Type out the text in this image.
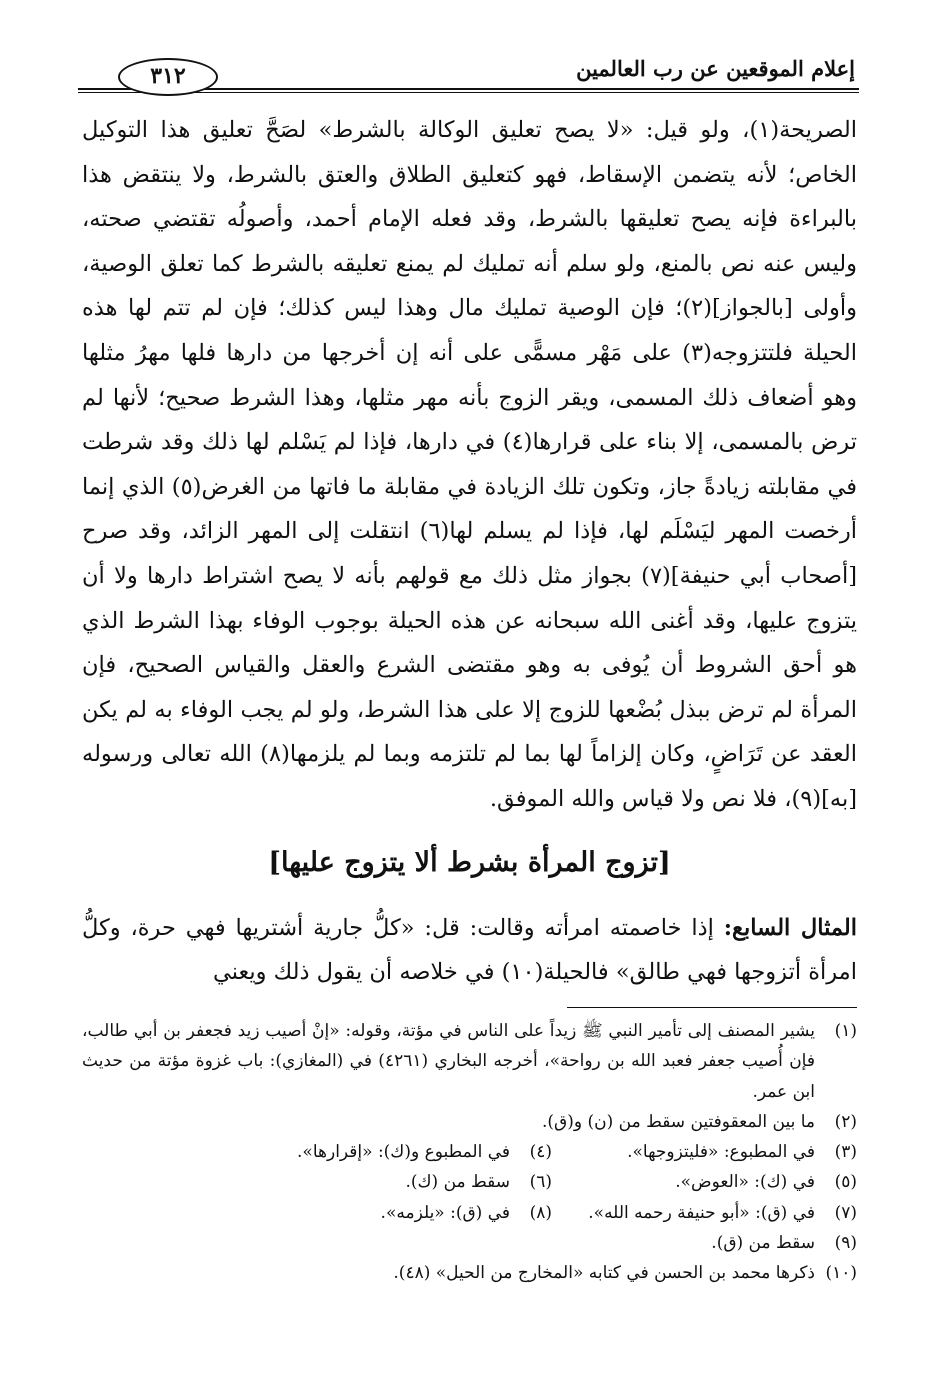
إعلام الموقعين عن رب العالمين
٣١٢

الصريحة(١)، ولو قيل: «لا يصح تعليق الوكالة بالشرط» لصَحَّ تعليق هذا التوكيل الخاص؛ لأنه يتضمن الإسقاط، فهو كتعليق الطلاق والعتق بالشرط، ولا ينتقض هذا بالبراءة فإنه يصح تعليقها بالشرط، وقد فعله الإمام أحمد، وأصولُه تقتضي صحته، وليس عنه نص بالمنع، ولو سلم أنه تمليك لم يمنع تعليقه بالشرط كما تعلق الوصية، وأولى [بالجواز](٢)؛ فإن الوصية تمليك مال وهذا ليس كذلك؛ فإن لم تتم لها هذه الحيلة فلتتزوجه(٣) على مَهْر مسمًّى على أنه إن أخرجها من دارها فلها مهرُ مثلها وهو أضعاف ذلك المسمى، ويقر الزوج بأنه مهر مثلها، وهذا الشرط صحيح؛ لأنها لم ترض بالمسمى، إلا بناء على قرارها(٤) في دارها، فإذا لم يَسْلم لها ذلك وقد شرطت في مقابلته زيادةً جاز، وتكون تلك الزيادة في مقابلة ما فاتها من الغرض(٥) الذي إنما أرخصت المهر ليَسْلَم لها، فإذا لم يسلم لها(٦) انتقلت إلى المهر الزائد، وقد صرح [أصحاب أبي حنيفة](٧) بجواز مثل ذلك مع قولهم بأنه لا يصح اشتراط دارها ولا أن يتزوج عليها، وقد أغنى الله سبحانه عن هذه الحيلة بوجوب الوفاء بهذا الشرط الذي هو أحق الشروط أن يُوفى به وهو مقتضى الشرع والعقل والقياس الصحيح، فإن المرأة لم ترض ببذل بُضْعها للزوج إلا على هذا الشرط، ولو لم يجب الوفاء به لم يكن العقد عن تَرَاضٍ، وكان إلزاماً لها بما لم تلتزمه وبما لم يلزمها(٨) الله تعالى ورسوله [به](٩)، فلا نص ولا قياس والله الموفق.

[تزوج المرأة بشرط ألا يتزوج عليها]

المثال السابع: إذا خاصمته امرأته وقالت: قل: «كلُّ جارية أشتريها فهي حرة، وكلُّ امرأة أتزوجها فهي طالق» فالحيلة(١٠) في خلاصه أن يقول ذلك ويعني

(١)
يشير المصنف إلى تأمير النبي ﷺ زيداً على الناس في مؤتة، وقوله: «إنْ أصيب زيد فجعفر بن أبي طالب، فإن أُصيب جعفر فعبد الله بن رواحة»، أخرجه البخاري (٤٢٦١) في (المغازي): باب غزوة مؤتة من حديث ابن عمر.
(٢)
ما بين المعقوفتين سقط من (ن) و(ق).
(٣)
في المطبوع: «فليتزوجها».
(٤)
في المطبوع و(ك): «إقرارها».
(٥)
في (ك): «العوض».
(٦)
سقط من (ك).
(٧)
في (ق): «أبو حنيفة رحمه الله».
(٨)
في (ق): «يلزمه».
(٩)
سقط من (ق).
(١٠)
ذكرها محمد بن الحسن في كتابه «المخارج من الحيل» (٤٨).
